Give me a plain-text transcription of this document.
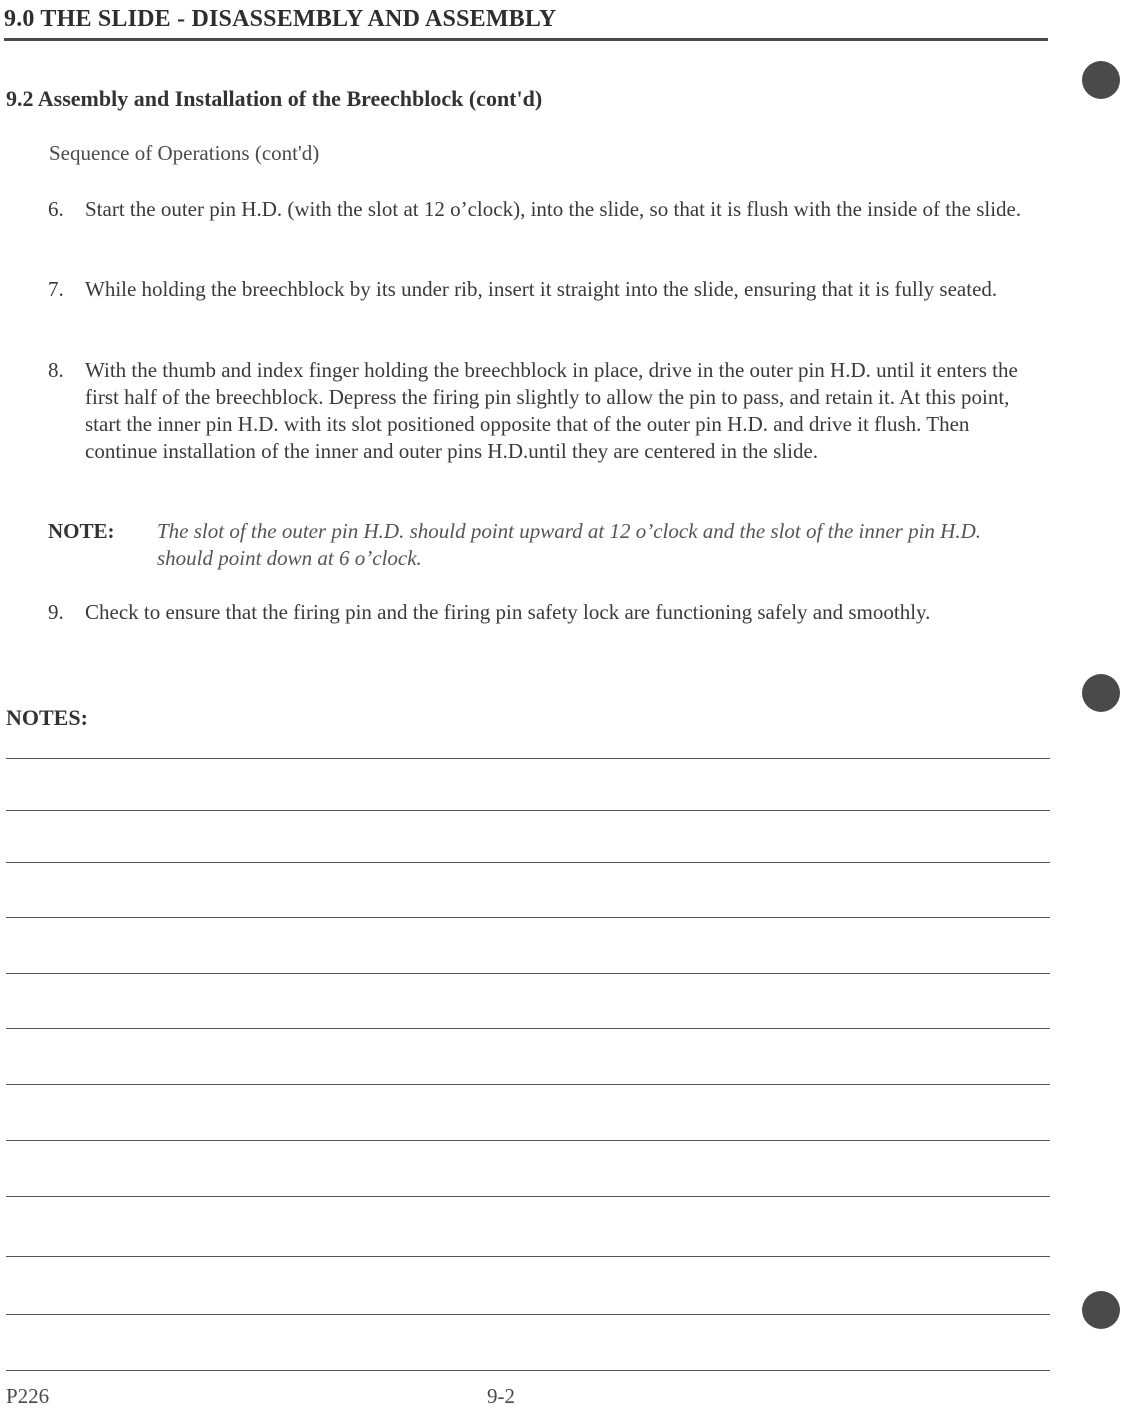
9.0 THE SLIDE - DISASSEMBLY AND ASSEMBLY
9.2 Assembly and Installation of the Breechblock (cont'd)
Sequence of Operations (cont'd)
6.	Start the outer pin H.D. (with the slot at 12 o’clock), into the slide, so that it is flush with the inside of the slide.
7.	While holding the breechblock by its under rib, insert it straight into the slide, ensuring that it is fully seated.
8.	With the thumb and index finger holding the breechblock in place, drive in the outer pin H.D. until it enters the first half of the breechblock. Depress the firing pin slightly to allow the pin to pass, and retain it. At this point, start the inner pin H.D. with its slot positioned opposite that of the outer pin H.D. and drive it flush. Then continue installation of the inner and outer pins H.D.until they are centered in the slide.
NOTE: The slot of the outer pin H.D. should point upward at 12 o’clock and the slot of the inner pin H.D. should point down at 6 o’clock.
9.	Check to ensure that the firing pin and the firing pin safety lock are functioning safely and smoothly.
NOTES:
P226	9-2
